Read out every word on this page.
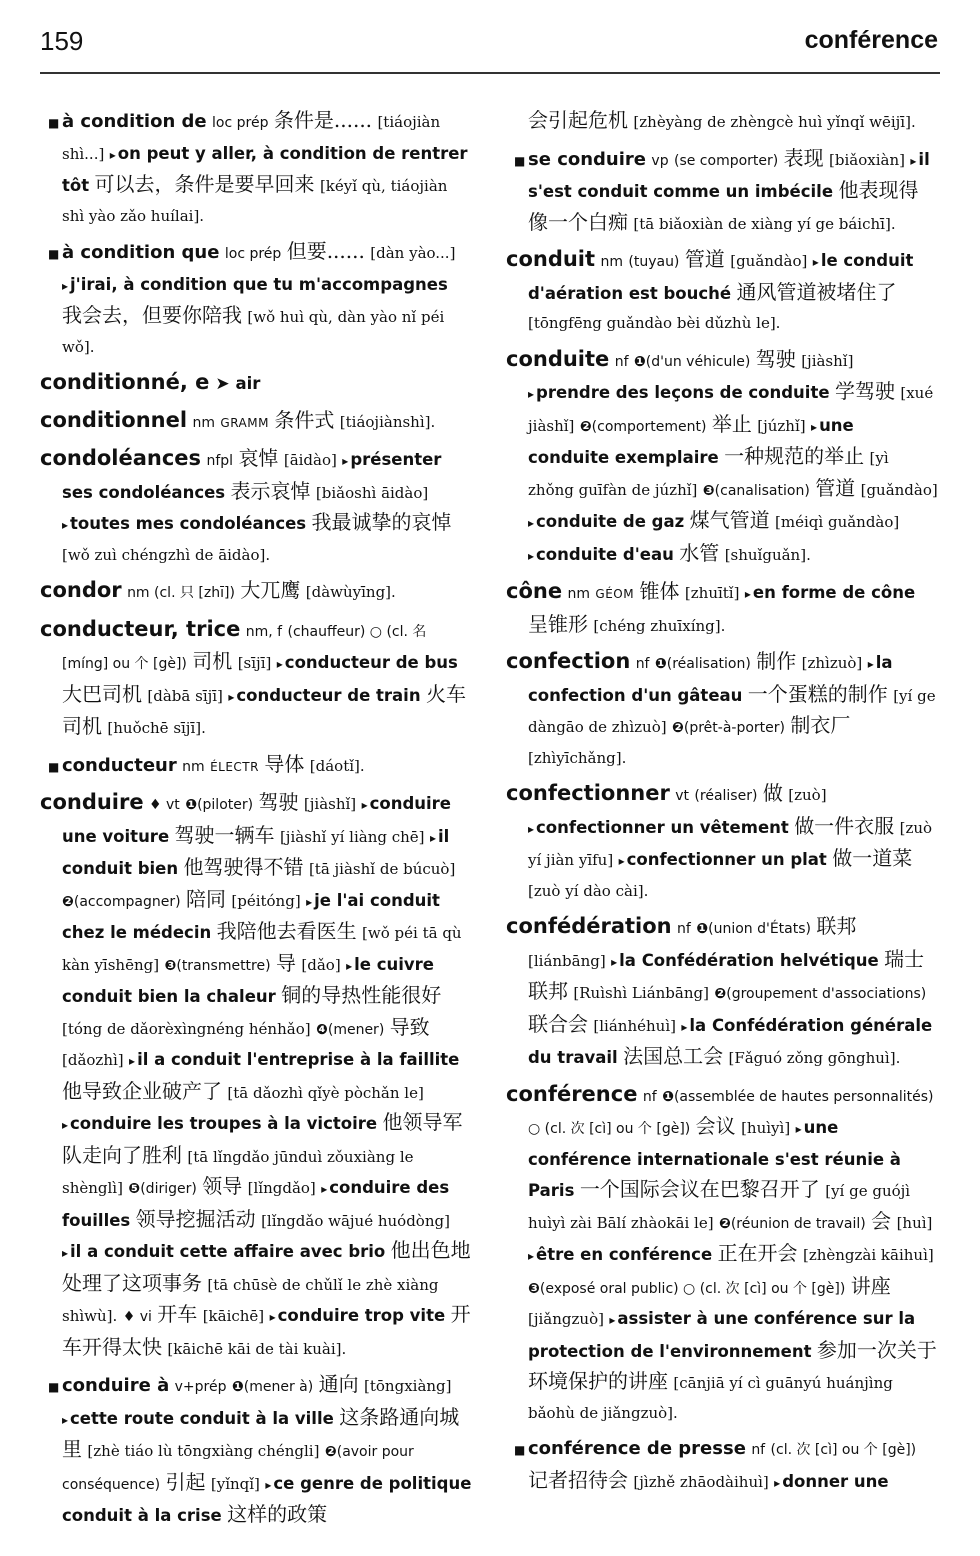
159	conférence
■ à condition de loc prép 条件是...... [tiáojiàn shì...] ▸ on peut y aller, à condition de rentrer tôt 可以去，条件是要早回来 [kéyǐ qù, tiáojiàn shì yào zǎo huílai].
■ à condition que loc prép 但要...... [dàn yào...] ▸ j'irai, à condition que tu m'accompagnes 我会去，但要你陪我 [wǒ huì qù, dàn yào nǐ péi wǒ].
conditionné, e ➤ air
conditionnel nm GRAMM 条件式 [tiáojiànshì].
condoléances nfpl 哀悼 [āidào] ▸ présenter ses condoléances 表示哀悼 [biǎoshì āidào] ▸ toutes mes condoléances 我最诚挚的哀悼 [wǒ zuì chéngzhì de āidào].
condor nm (cl. 只 [zhī]) 大兀鹰 [dàwùyīng].
conducteur, trice nm, f (chauffeur) ○ (cl. 名 [míng] ou 个 [gè]) 司机 [sījī] ▸ conducteur de bus 大巴司机 [dàbā sījī] ▸ conducteur de train 火车司机 [huǒchē sījī].
■ conducteur nm ÉLECTR 导体 [dáotǐ].
conduire ♦ vt ❶(piloter) 驾驶 [jiàshǐ] ▸ conduire une voiture 驾驶一辆车 [jiàshǐ yí liàng chē] ▸ il conduit bien 他驾驶得不错 [tā jiàshǐ de búcuò] ❷(accompagner) 陪同 [péitóng] ▸ je l'ai conduit chez le médecin 我陪他去看医生 [wǒ péi tā qù kàn yīshēng] ❸(transmettre) 导 [dǎo] ▸ le cuivre conduit bien la chaleur 铜的导热性能很好 [tóng de dǎorèxìngnéng hénhǎo] ❹(mener) 导致 [dǎozhì] ▸ il a conduit l'entreprise à la faillite 他导致企业破产了 [tā dǎozhì qǐyè pòchǎn le] ▸ conduire les troupes à la victoire 他领导军队走向了胜利 [tā lǐngdǎo jūnduì zǒuxiàng le shènglì] ❺(diriger) 领导 [lǐngdǎo] ▸ conduire des fouilles 领导挖掘活动 [lǐngdǎo wājué huódòng] ▸ il a conduit cette affaire avec brio 他出色地处理了这项事务 [tā chūsè de chǔlǐ le zhè xiàng shìwù]. ♦ vi 开车 [kāichē] ▸ conduire trop vite 开车开得太快 [kāichē kāi de tài kuài].
■ conduire à v+prép ❶(mener à) 通向 [tōngxiàng] ▸ cette route conduit à la ville 这条路通向城里 [zhè tiáo lù tōngxiàng chéngli] ❷(avoir pour conséquence) 引起 [yǐnqǐ] ▸ ce genre de politique conduit à la crise 这样的政策
会引起危机 [zhèyàng de zhèngcè huì yǐnqǐ wēijī].
■ se conduire vp (se comporter) 表现 [biǎoxiàn] ▸ il s'est conduit comme un imbécile 他表现得像一个白痴 [tā biǎoxiàn de xiàng yí ge báichī].
conduit nm (tuyau) 管道 [guǎndào] ▸ le conduit d'aération est bouché 通风管道被堵住了 [tōngfēng guǎndào bèi dǔzhù le].
conduite nf ❶(d'un véhicule) 驾驶 [jiàshǐ] ▸ prendre des leçons de conduite 学驾驶 [xué jiàshǐ] ❷(comportement) 举止 [júzhǐ] ▸ une conduite exemplaire 一种规范的举止 [yì zhǒng guīfàn de júzhǐ] ❸(canalisation) 管道 [guǎndào] ▸ conduite de gaz 煤气管道 [méiqì guǎndào] ▸ conduite d'eau 水管 [shuǐguǎn].
cône nm GÉOM 锥体 [zhuītǐ] ▸ en forme de cône 呈锥形 [chéng zhuīxíng].
confection nf ❶(réalisation) 制作 [zhìzuò] ▸ la confection d'un gâteau 一个蛋糕的制作 [yí ge dàngāo de zhìzuò] ❷(prêt-à-porter) 制衣厂 [zhìyīchǎng].
confectionner vt (réaliser) 做 [zuò] ▸ confectionner un vêtement 做一件衣服 [zuò yí jiàn yīfu] ▸ confectionner un plat 做一道菜 [zuò yí dào cài].
confédération nf ❶(union d'États) 联邦 [liánbāng] ▸ la Confédération helvétique 瑞士联邦 [Ruìshì Liánbāng] ❷(groupement d'associations) 联合会 [liánhéhuì] ▸ la Confédération générale du travail 法国总工会 [Fǎguó zǒng gōnghuì].
conférence nf ❶(assemblée de hautes personnalités) ○ (cl. 次 [cì] ou 个 [gè]) 会议 [huìyì] ▸ une conférence internationale s'est réunie à Paris 一个国际会议在巴黎召开了 [yí ge guójì huìyì zài Bālí zhàokāi le] ❷(réunion de travail) 会 [huì] ▸ être en conférence 正在开会 [zhèngzài kāihuì] ❸(exposé oral public) ○ (cl. 次 [cì] ou 个 [gè]) 讲座 [jiǎngzuò] ▸ assister à une conférence sur la protection de l'environnement 参加一次关于环境保护的讲座 [cānjiā yí cì guānyú huánjìng bǎohù de jiǎngzuò].
■ conférence de presse nf (cl. 次 [cì] ou 个 [gè]) 记者招待会 [jìzhě zhāodàihuì] ▸ donner une
